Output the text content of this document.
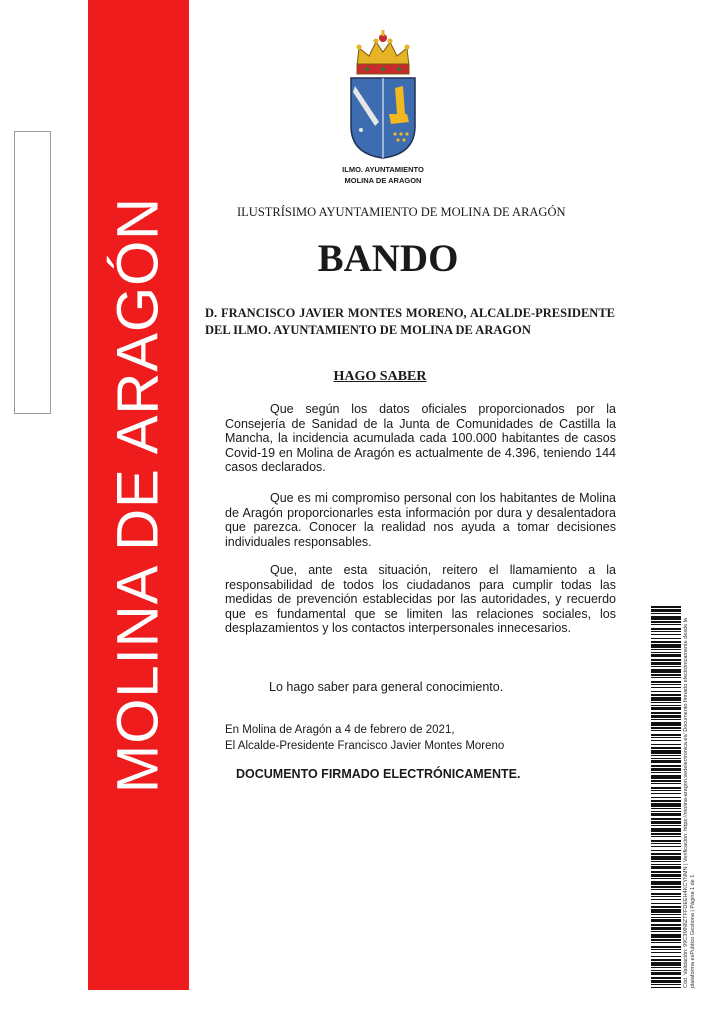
MOLINA DE ARAGÓN
ILMO. AYUNTAMIENTO
MOLINA DE ARAGON
ILUSTRÍSIMO AYUNTAMIENTO DE MOLINA DE ARAGÓN
BANDO
D. FRANCISCO JAVIER MONTES MORENO, ALCALDE-PRESIDENTE DEL ILMO. AYUNTAMIENTO DE MOLINA DE ARAGON
HAGO SABER

Que según los datos oficiales proporcionados por la Consejería de Sanidad de la Junta de Comunidades de Castilla la Mancha, la incidencia acumulada cada 100.000 habitantes de casos Covid-19 en Molina de Aragón es actualmente de 4.396, teniendo 144 casos declarados.

Que es mi compromiso personal con los habitantes de Molina de Aragón proporcionarles esta información por dura y desalentadora que parezca. Conocer la realidad nos ayuda a tomar decisiones individuales responsables.

Que, ante esta situación, reitero el llamamiento a la responsabilidad de todos los ciudadanos para cumplir todas las medidas de prevención establecidas por las autoridades, y recuerdo que es fundamental que se limiten las relaciones sociales, los desplazamientos y los contactos interpersonales innecesarios.

Lo hago saber para general conocimiento.
En Molina de Aragón a 4 de febrero de 2021,
El Alcalde-Presidente Francisco Javier Montes Moreno
DOCUMENTO FIRMADO ELECTRÓNICAMENTE.	Cód. Validación: 99C3MN6ZTFFDEEH4KCYNMN | Verificación: https://molina-aragon.sedelectronica.es/ Documento firmado electrónicamente desde la plataforma esPublico Gestiona | Página 1 de 1
